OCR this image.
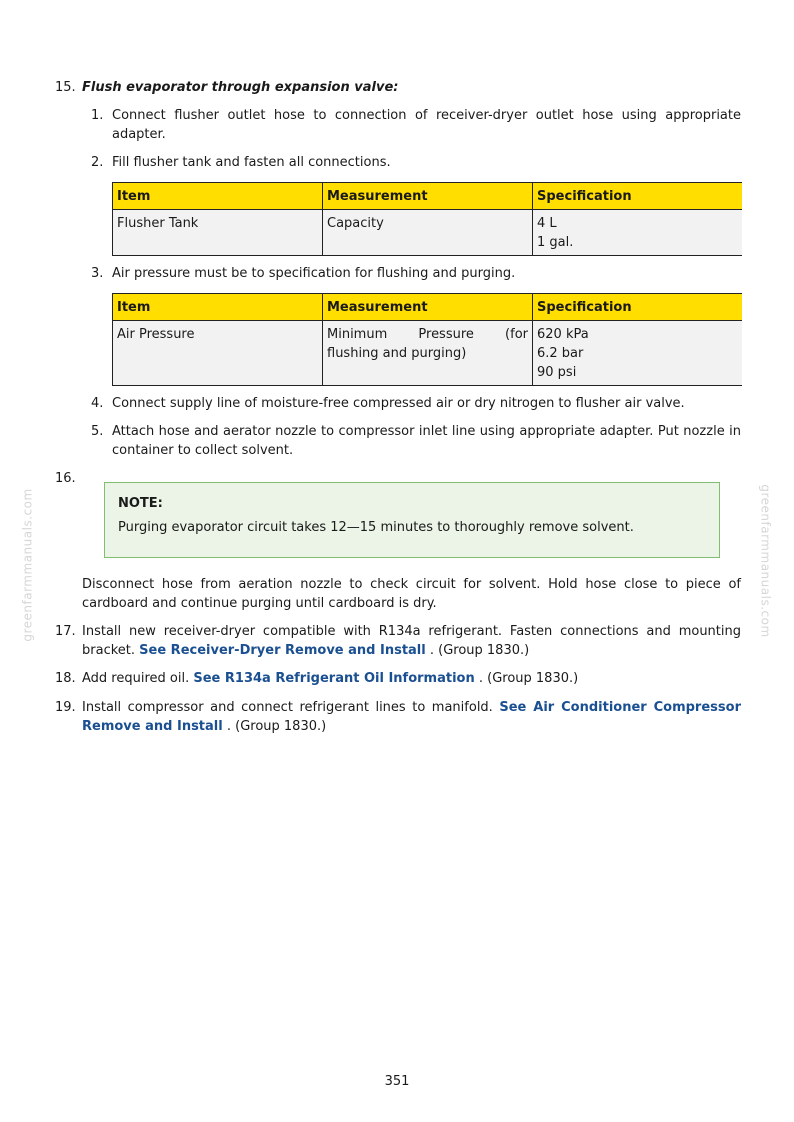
greenfarmmanuals.com	greenfarmmanuals.com
15. Flush evaporator through expansion valve:
1. Connect flusher outlet hose to connection of receiver-dryer outlet hose using appropriate adapter.
2. Fill flusher tank and fasten all connections.
Item	Measurement	Specification
Flusher Tank	Capacity	4 L
1 gal.
3. Air pressure must be to specification for flushing and purging.
Item	Measurement	Specification
Air Pressure	Minimum Pressure (for flushing and purging)	620 kPa
6.2 bar
90 psi
4. Connect supply line of moisture-free compressed air or dry nitrogen to flusher air valve.
5. Attach hose and aerator nozzle to compressor inlet line using appropriate adapter. Put nozzle in container to collect solvent.
16.
NOTE:
Purging evaporator circuit takes 12—15 minutes to thoroughly remove solvent.
Disconnect hose from aeration nozzle to check circuit for solvent. Hold hose close to piece of cardboard and continue purging until cardboard is dry.
17. Install new receiver-dryer compatible with R134a refrigerant. Fasten connections and mounting bracket. See Receiver-Dryer Remove and Install . (Group 1830.)
18. Add required oil. See R134a Refrigerant Oil Information . (Group 1830.)
19. Install compressor and connect refrigerant lines to manifold. See Air Conditioner Compressor Remove and Install . (Group 1830.)
351
